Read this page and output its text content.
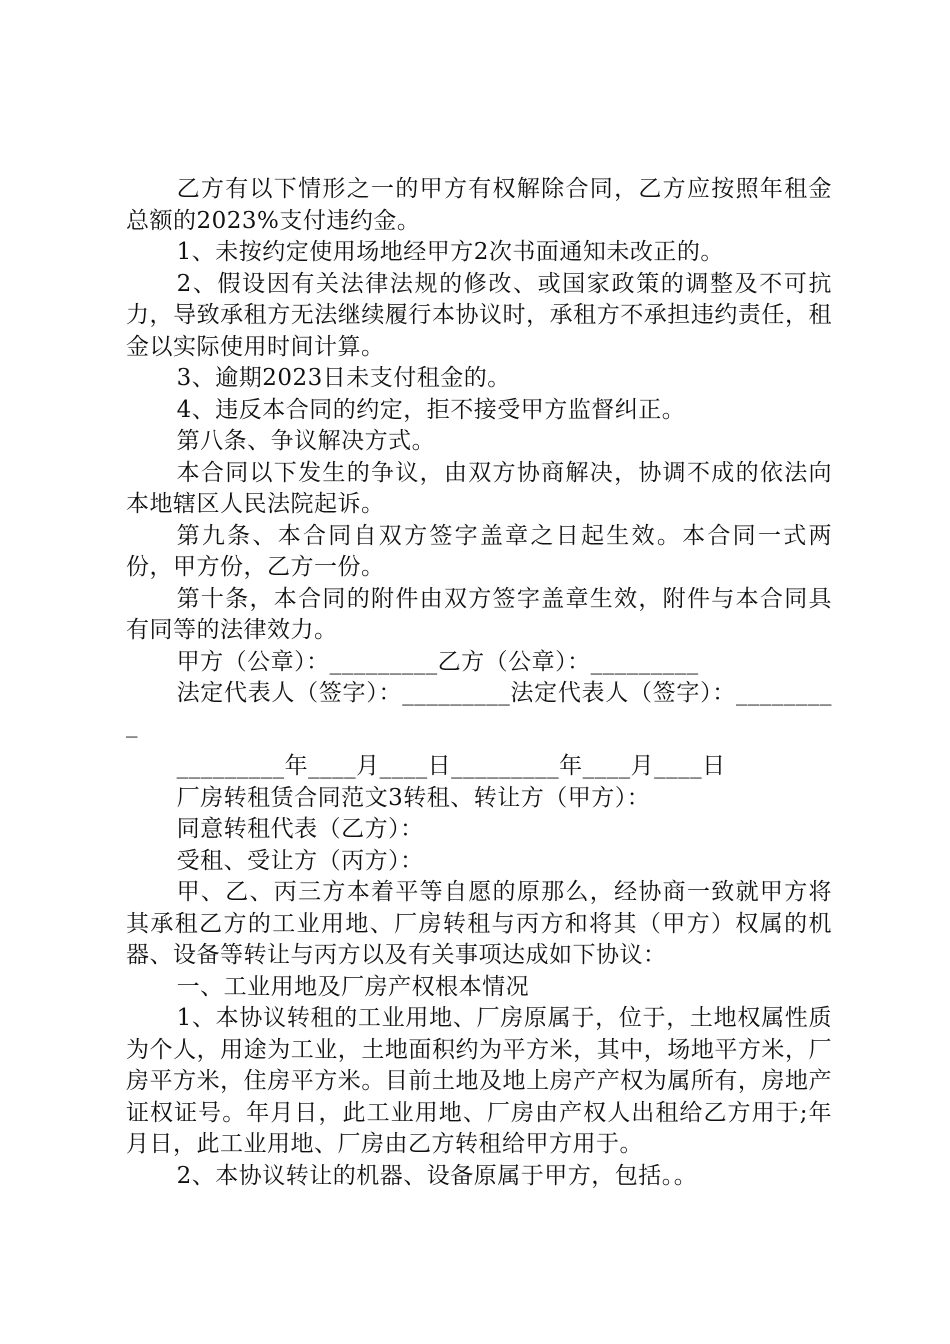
乙方有以下情形之一的甲方有权解除合同，乙方应按照年租金总额的2023%支付违约金。

1、未按约定使用场地经甲方2次书面通知未改正的。

2、假设因有关法律法规的修改、或国家政策的调整及不可抗力，导致承租方无法继续履行本协议时，承租方不承担违约责任，租金以实际使用时间计算。

3、逾期2023日未支付租金的。

4、违反本合同的约定，拒不接受甲方监督纠正。

第八条、争议解决方式。

本合同以下发生的争议，由双方协商解决，协调不成的依法向本地辖区人民法院起诉。

第九条、本合同自双方签字盖章之日起生效。本合同一式两份，甲方份，乙方一份。

第十条，本合同的附件由双方签字盖章生效，附件与本合同具有同等的法律效力。

甲方（公章）：_________乙方（公章）：_________

法定代表人（签字）：_________法定代表人（签字）：_________

_________年____月____日_________年____月____日

厂房转租赁合同范文3转租、转让方（甲方）：

同意转租代表（乙方）：

受租、受让方（丙方）：

甲、乙、丙三方本着平等自愿的原那么，经协商一致就甲方将其承租乙方的工业用地、厂房转租与丙方和将其（甲方）权属的机器、设备等转让与丙方以及有关事项达成如下协议：

一、工业用地及厂房产权根本情况

1、本协议转租的工业用地、厂房原属于，位于，土地权属性质为个人，用途为工业，土地面积约为平方米，其中，场地平方米，厂房平方米，住房平方米。目前土地及地上房产产权为属所有，房地产证权证号。年月日，此工业用地、厂房由产权人出租给乙方用于;年月日，此工业用地、厂房由乙方转租给甲方用于。

2、本协议转让的机器、设备原属于甲方，包括。。
